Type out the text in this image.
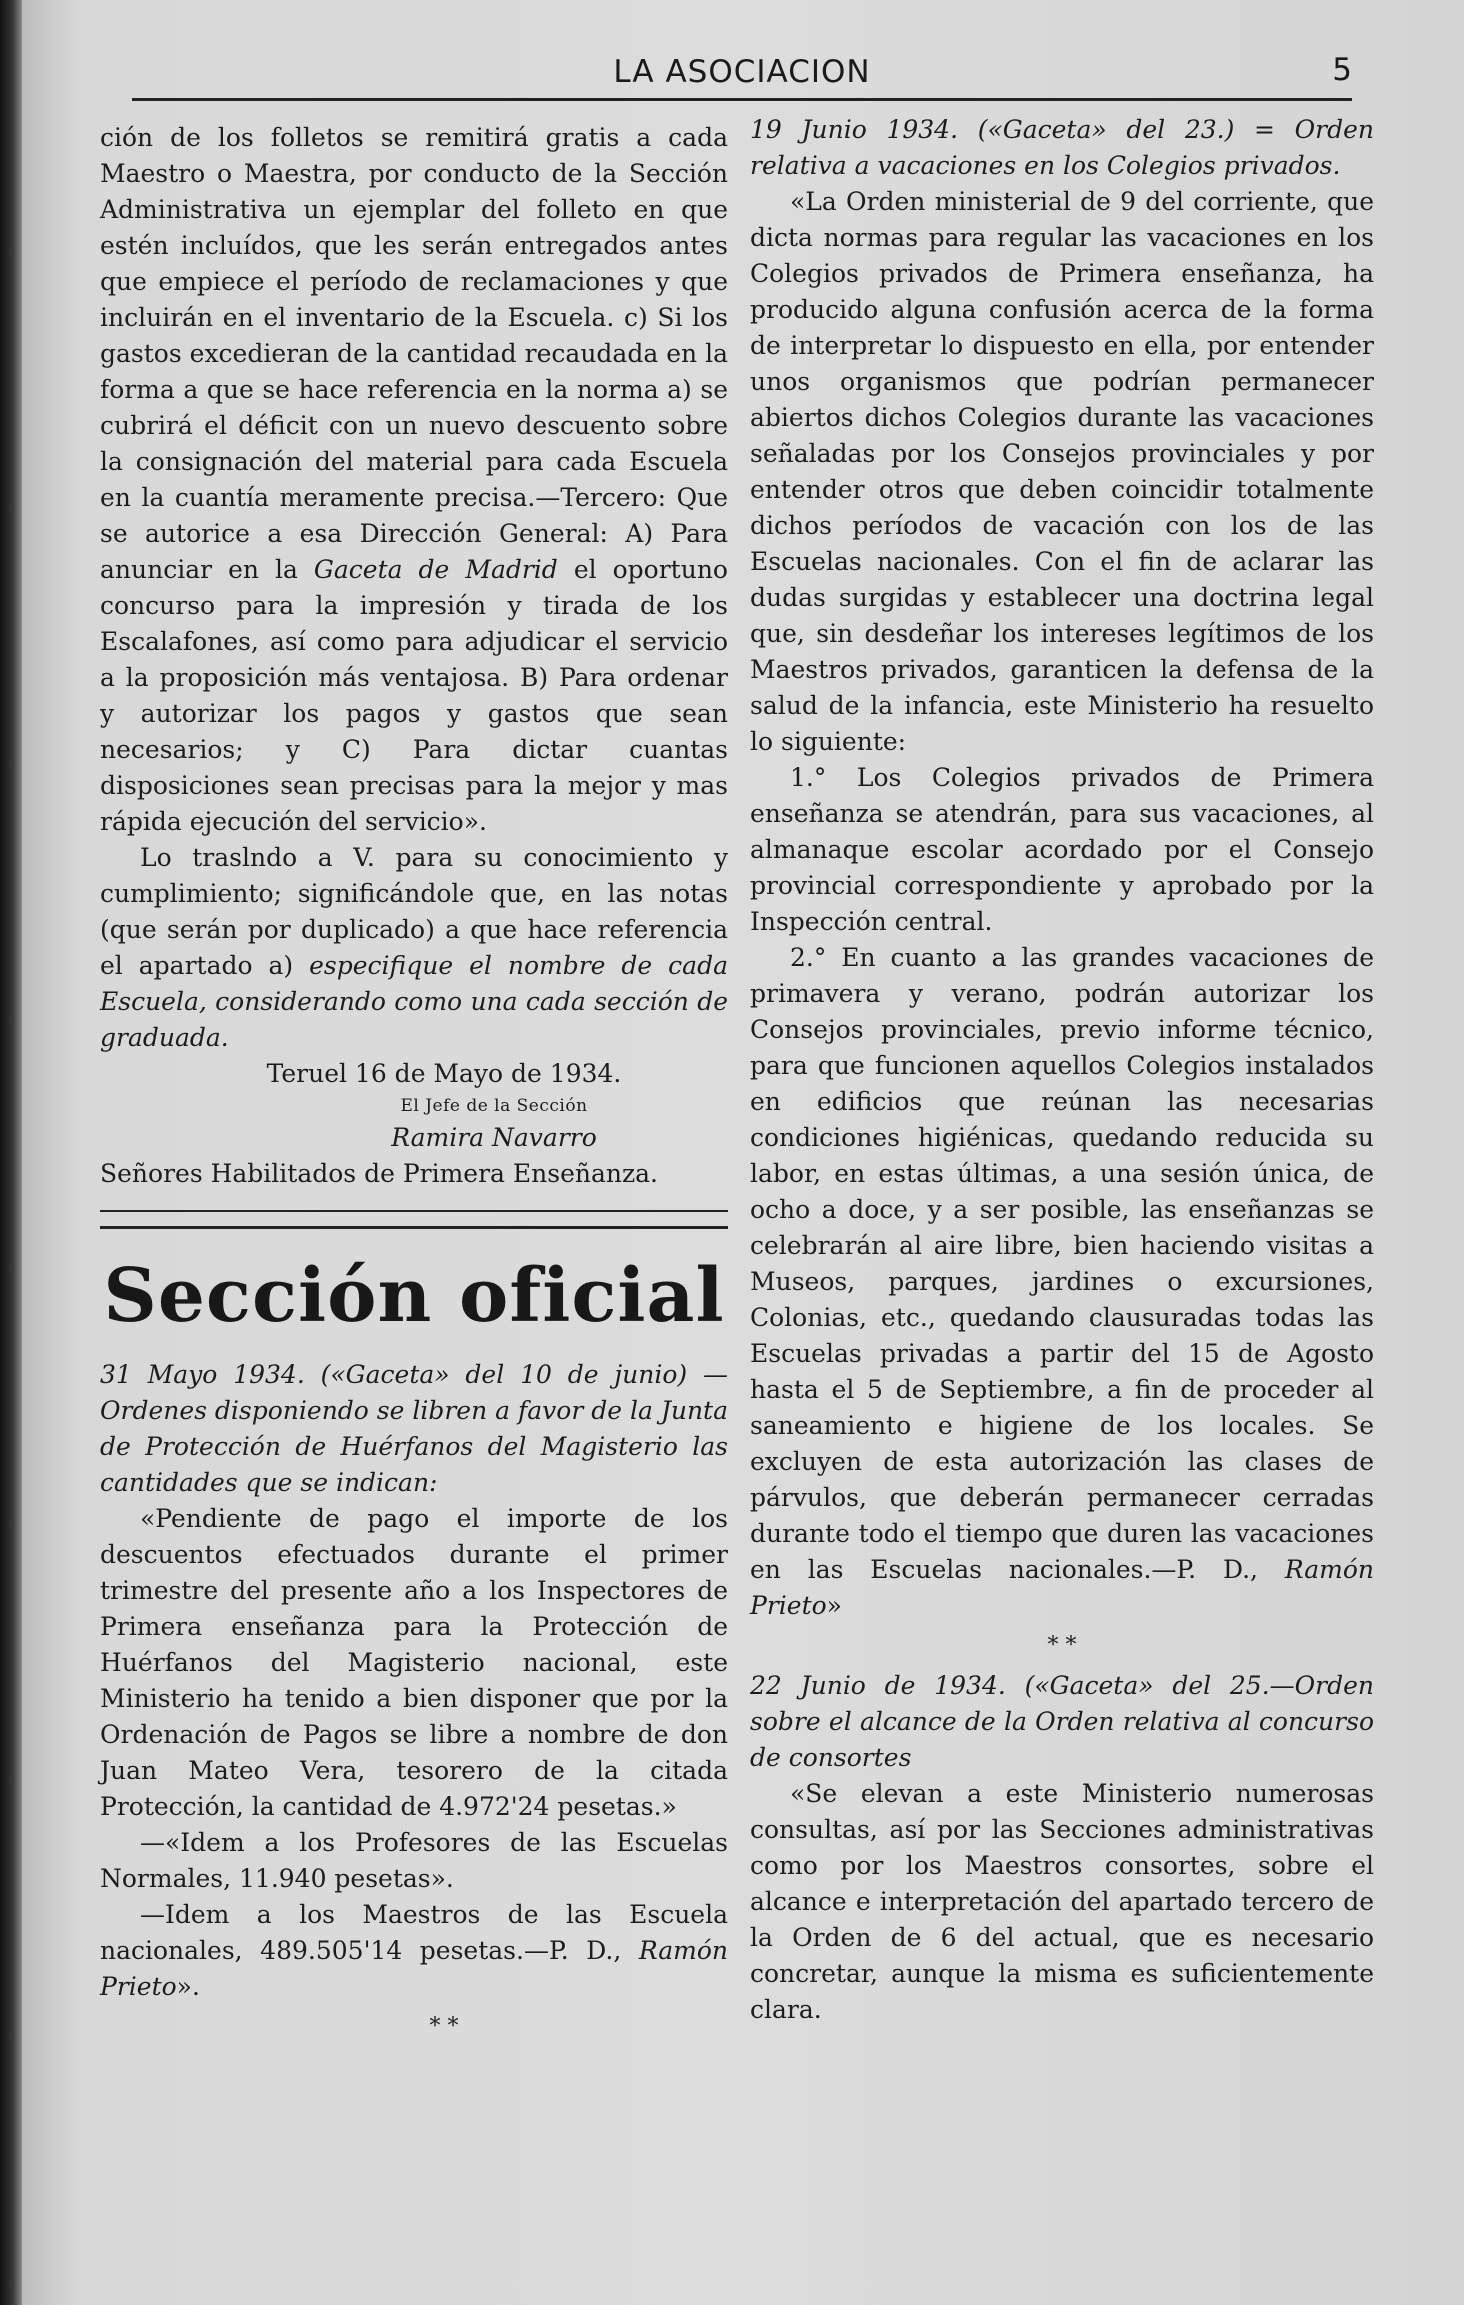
LA ASOCIACION	5

ción de los folletos se remitirá gratis a cada Maestro o Maestra, por conducto de la Sección Administrativa un ejemplar del folleto en que estén incluídos, que les serán entregados antes que empiece el período de reclamaciones y que incluirán en el inventario de la Escuela. c) Si los gastos excedieran de la cantidad recaudada en la forma a que se hace referencia en la norma a) se cubrirá el déficit con un nuevo descuento sobre la consignación del material para cada Escuela en la cuantía meramente precisa.—Tercero: Que se autorice a esa Dirección General: A) Para anunciar en la Gaceta de Madrid el oportuno concurso para la impresión y tirada de los Escalafones, así como para adjudicar el servicio a la proposición más ventajosa. B) Para ordenar y autorizar los pagos y gastos que sean necesarios; y C) Para dictar cuantas disposiciones sean precisas para la mejor y mas rápida ejecución del servicio».

Lo traslndo a V. para su conocimiento y cumplimiento; significándole que, en las notas (que serán por duplicado) a que hace referencia el apartado a) especifique el nombre de cada Escuela, considerando como una cada sección de graduada.

Teruel 16 de Mayo de 1934.

El Jefe de la Sección

Ramira Navarro

Señores Habilitados de Primera Enseñanza.

Sección oficial

31 Mayo 1934. («Gaceta» del 10 de junio) — Ordenes disponiendo se libren a favor de la Junta de Protección de Huérfanos del Magisterio las cantidades que se indican:

«Pendiente de pago el importe de los descuentos efectuados durante el primer trimestre del presente año a los Inspectores de Primera enseñanza para la Protección de Huérfanos del Magisterio nacional, este Ministerio ha tenido a bien disponer que por la Ordenación de Pagos se libre a nombre de don Juan Mateo Vera, tesorero de la citada Protección, la cantidad de 4.972'24 pesetas.»

—«Idem a los Profesores de las Escuelas Normales, 11.940 pesetas».

—Idem a los Maestros de las Escuela nacionales, 489.505'14 pesetas.—P. D., Ramón Prieto».

* *

19 Junio 1934. («Gaceta» del 23.) = Orden relativa a vacaciones en los Colegios privados.

«La Orden ministerial de 9 del corriente, que dicta normas para regular las vacaciones en los Colegios privados de Primera enseñanza, ha producido alguna confusión acerca de la forma de interpretar lo dispuesto en ella, por entender unos organismos que podrían permanecer abiertos dichos Colegios durante las vacaciones señaladas por los Consejos provinciales y por entender otros que deben coincidir totalmente dichos períodos de vacación con los de las Escuelas nacionales. Con el fin de aclarar las dudas surgidas y establecer una doctrina legal que, sin desdeñar los intereses legítimos de los Maestros privados, garanticen la defensa de la salud de la infancia, este Ministerio ha resuelto lo siguiente:

1.° Los Colegios privados de Primera enseñanza se atendrán, para sus vacaciones, al almanaque escolar acordado por el Consejo provincial correspondiente y aprobado por la Inspección central.

2.° En cuanto a las grandes vacaciones de primavera y verano, podrán autorizar los Consejos provinciales, previo informe técnico, para que funcionen aquellos Colegios instalados en edificios que reúnan las necesarias condiciones higiénicas, quedando reducida su labor, en estas últimas, a una sesión única, de ocho a doce, y a ser posible, las enseñanzas se celebrarán al aire libre, bien haciendo visitas a Museos, parques, jardines o excursiones, Colonias, etc., quedando clausuradas todas las Escuelas privadas a partir del 15 de Agosto hasta el 5 de Septiembre, a fin de proceder al saneamiento e higiene de los locales. Se excluyen de esta autorización las clases de párvulos, que deberán permanecer cerradas durante todo el tiempo que duren las vacaciones en las Escuelas nacionales.—P. D., Ramón Prieto»

* *

22 Junio de 1934. («Gaceta» del 25.—Orden sobre el alcance de la Orden relativa al concurso de consortes

«Se elevan a este Ministerio numerosas consultas, así por las Secciones administrativas como por los Maestros consortes, sobre el alcance e interpretación del apartado tercero de la Orden de 6 del actual, que es necesario concretar, aunque la misma es suficientemente clara.
